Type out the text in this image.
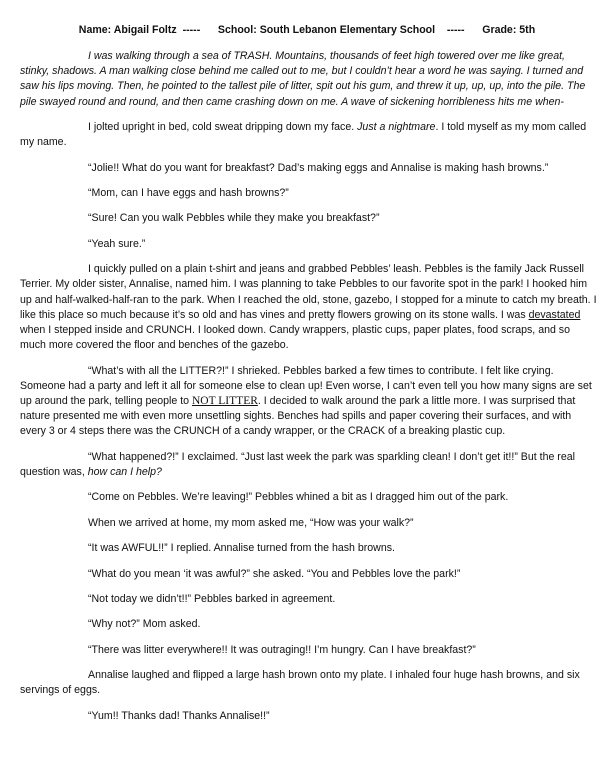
Name: Abigail Foltz ----- School: South Lebanon Elementary School ----- Grade: 5th

I was walking through a sea of TRASH. Mountains, thousands of feet high towered over me like great, stinky, shadows. A man walking close behind me called out to me, but I couldn’t hear a word he was saying. I turned and saw his lips moving. Then, he pointed to the tallest pile of litter, spit out his gum, and threw it up, up, up, into the pile. The pile swayed round and round, and then came crashing down on me. A wave of sickening horribleness hits me when-

I jolted upright in bed, cold sweat dripping down my face. Just a nightmare. I told myself as my mom called my name.

“Jolie!! What do you want for breakfast? Dad’s making eggs and Annalise is making hash browns.”

“Mom, can I have eggs and hash browns?”

“Sure! Can you walk Pebbles while they make you breakfast?”

“Yeah sure.”

I quickly pulled on a plain t-shirt and jeans and grabbed Pebbles’ leash. Pebbles is the family Jack Russell Terrier. My older sister, Annalise, named him. I was planning to take Pebbles to our favorite spot in the park! I hooked him up and half-walked-half-ran to the park. When I reached the old, stone, gazebo, I stopped for a minute to catch my breath. I like this place so much because it’s so old and has vines and pretty flowers growing on its stone walls. I was devastated when I stepped inside and CRUNCH. I looked down. Candy wrappers, plastic cups, paper plates, food scraps, and so much more covered the floor and benches of the gazebo.

“What’s with all the LITTER?!” I shrieked. Pebbles barked a few times to contribute. I felt like crying. Someone had a party and left it all for someone else to clean up! Even worse, I can’t even tell you how many signs are set up around the park, telling people to NOT LITTER. I decided to walk around the park a little more. I was surprised that nature presented me with even more unsettling sights. Benches had spills and paper covering their surfaces, and with every 3 or 4 steps there was the CRUNCH of a candy wrapper, or the CRACK of a breaking plastic cup.

“What happened?!” I exclaimed. “Just last week the park was sparkling clean! I don’t get it!!” But the real question was, how can I help?

“Come on Pebbles. We’re leaving!” Pebbles whined a bit as I dragged him out of the park.

When we arrived at home, my mom asked me, “How was your walk?”

“It was AWFUL!!” I replied. Annalise turned from the hash browns.

“What do you mean ‘it was awful?” she asked. “You and Pebbles love the park!”

“Not today we didn’t!!” Pebbles barked in agreement.

“Why not?” Mom asked.

“There was litter everywhere!! It was outraging!! I’m hungry. Can I have breakfast?”

Annalise laughed and flipped a large hash brown onto my plate. I inhaled four huge hash browns, and six servings of eggs.

“Yum!! Thanks dad! Thanks Annalise!!”
